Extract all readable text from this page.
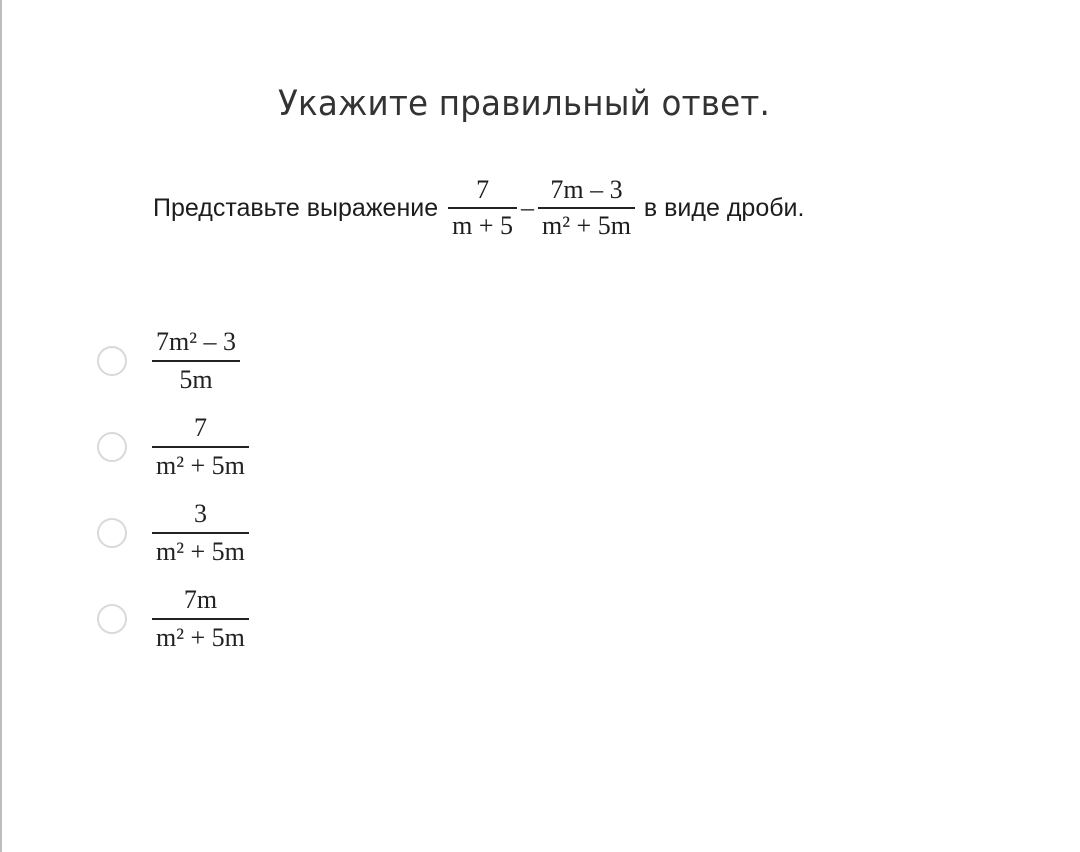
Укажите правильный ответ.
Представьте выражение $\frac{7}{m + 5} - \frac{7m - 3}{\text{m² + 5m}}$ в виде дроби.
$\frac{\text{7m² – 3}}{5m}$
$\frac{7}{\text{m² + 5m}}$
$\frac{3}{\text{m² + 5m}}$
$\frac{7m}{\text{m² + 5m}}$
